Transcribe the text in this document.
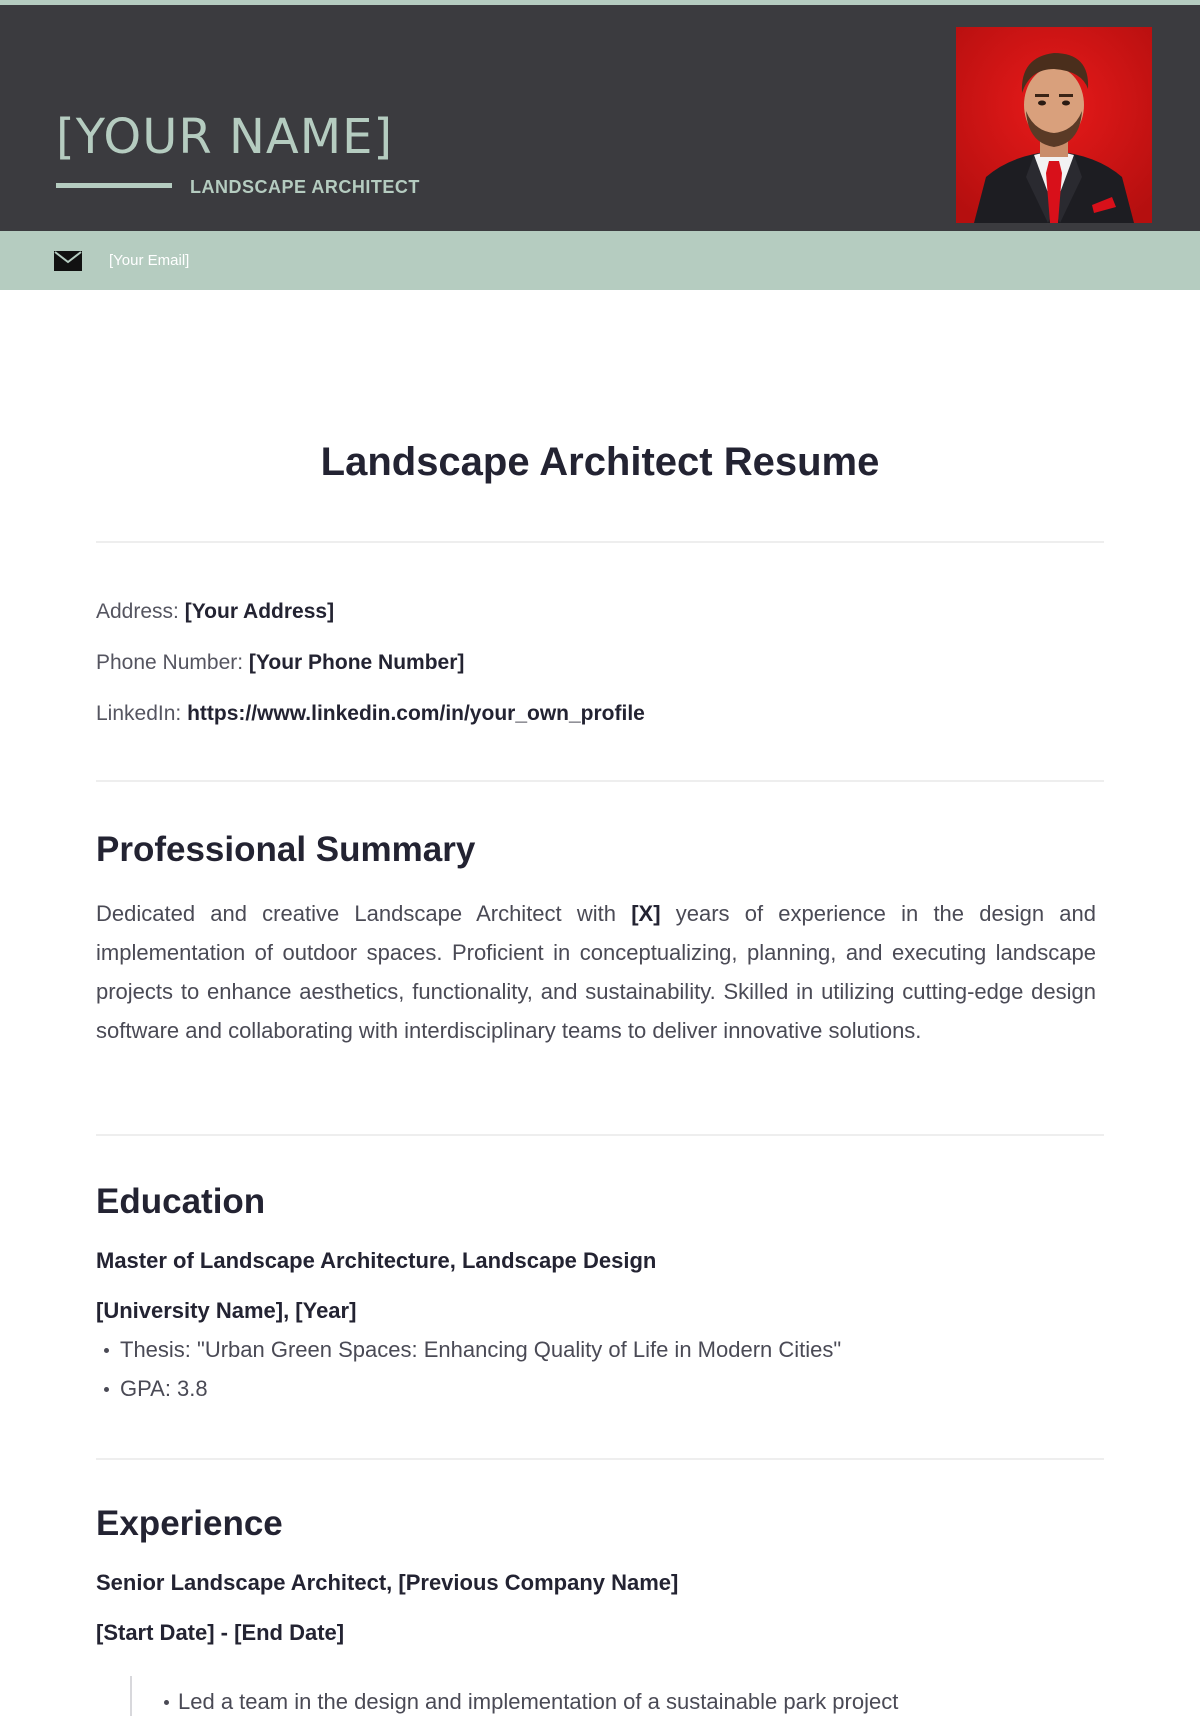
[YOUR NAME]
LANDSCAPE ARCHITECT
[Your Email]
Landscape Architect Resume
Address: [Your Address]
Phone Number: [Your Phone Number]
LinkedIn: https://www.linkedin.com/in/your_own_profile
Professional Summary

Dedicated and creative Landscape Architect with [X] years of experience in the design and implementation of outdoor spaces. Proficient in conceptualizing, planning, and executing landscape projects to enhance aesthetics, functionality, and sustainability. Skilled in utilizing cutting-edge design software and collaborating with interdisciplinary teams to deliver innovative solutions.

Education
Master of Landscape Architecture, Landscape Design
[University Name], [Year]
Thesis: "Urban Green Spaces: Enhancing Quality of Life in Modern Cities"
GPA: 3.8
Experience
Senior Landscape Architect, [Previous Company Name]
[Start Date] - [End Date]
Led a team in the design and implementation of a sustainable park project
